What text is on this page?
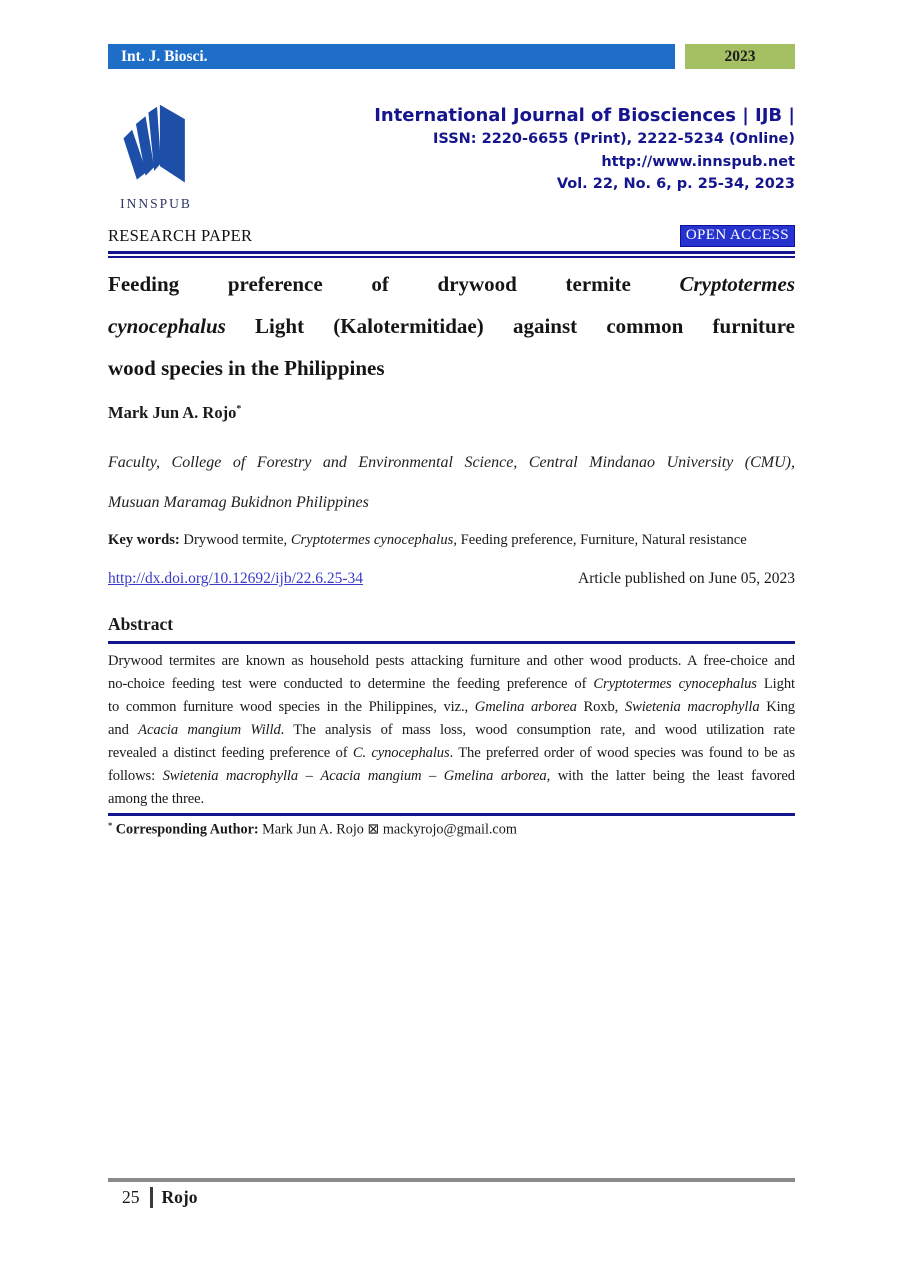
Int. J. Biosci.	2023
INNSPUB
International Journal of Biosciences | IJB |
ISSN: 2220-6655 (Print), 2222-5234 (Online)
http://www.innspub.net
Vol. 22, No. 6, p. 25-34, 2023
RESEARCH PAPER	OPEN ACCESS
Feeding preference of drywood termite Cryptotermes
cynocephalus Light (Kalotermitidae) against common furniture
wood species in the Philippines
Mark Jun A. Rojo*
Faculty, College of Forestry and Environmental Science, Central Mindanao University (CMU),
Musuan Maramag Bukidnon Philippines
Key words: Drywood termite, Cryptotermes cynocephalus, Feeding preference, Furniture, Natural resistance
http://dx.doi.org/10.12692/ijb/22.6.25-34	Article published on June 05, 2023
Abstract
Drywood termites are known as household pests attacking furniture and other wood products. A free-choice and
no-choice feeding test were conducted to determine the feeding preference of Cryptotermes cynocephalus Light
to common furniture wood species in the Philippines, viz., Gmelina arborea Roxb, Swietenia macrophylla King
and Acacia mangium Willd. The analysis of mass loss, wood consumption rate, and wood utilization rate
revealed a distinct feeding preference of C. cynocephalus. The preferred order of wood species was found to be as
follows: Swietenia macrophylla – Acacia mangium – Gmelina arborea, with the latter being the least favored
among the three.
* Corresponding Author: Mark Jun A. Rojo ⊠ mackyrojo@gmail.com
25 Rojo
